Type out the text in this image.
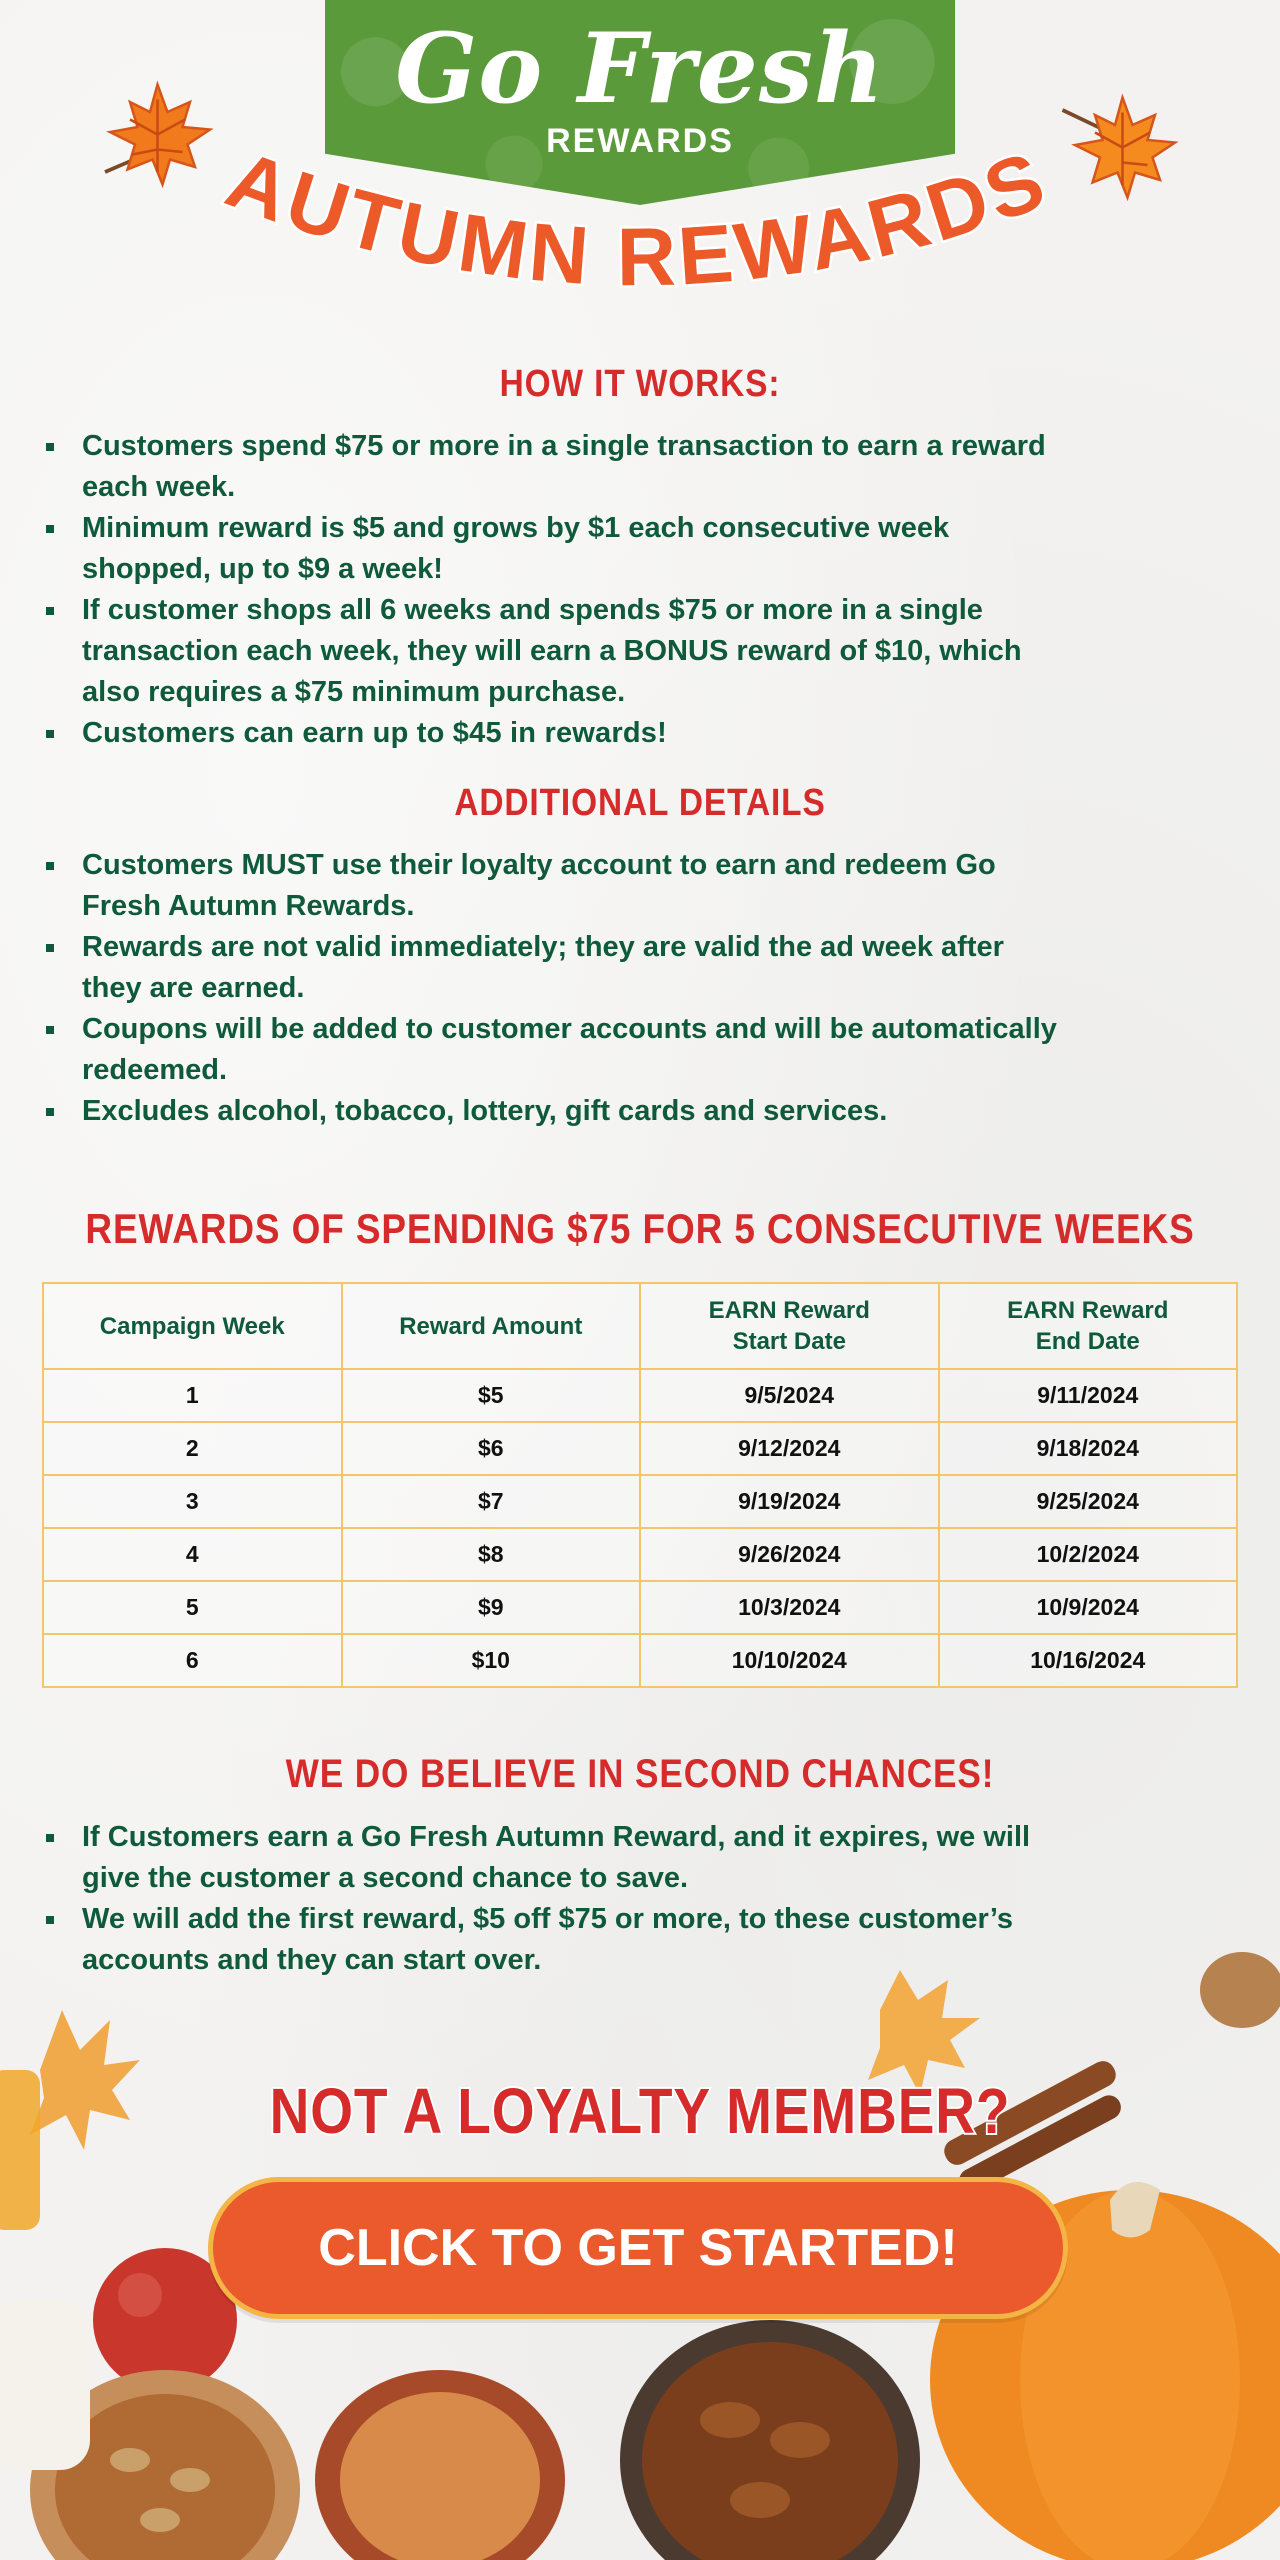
Go Fresh
REWARDS
AUTUMN REWARDS
HOW IT WORKS:
Customers spend $75 or more in a single transaction to earn a reward each week.
Minimum reward is $5 and grows by $1 each consecutive week shopped, up to $9 a week!
If customer shops all 6 weeks and spends $75 or more in a single transaction each week, they will earn a BONUS reward of $10, which also requires a $75 minimum purchase.
Customers can earn up to $45 in rewards!
ADDITIONAL DETAILS
Customers MUST use their loyalty account to earn and redeem Go Fresh Autumn Rewards.
Rewards are not valid immediately; they are valid the ad week after they are earned.
Coupons will be added to customer accounts and will be automatically redeemed.
Excludes alcohol, tobacco, lottery, gift cards and services.
REWARDS OF SPENDING $75 FOR 5 CONSECUTIVE WEEKS
Campaign Week	Reward Amount	EARN Reward Start Date	EARN Reward End Date
1	$5	9/5/2024	9/11/2024
2	$6	9/12/2024	9/18/2024
3	$7	9/19/2024	9/25/2024
4	$8	9/26/2024	10/2/2024
5	$9	10/3/2024	10/9/2024
6	$10	10/10/2024	10/16/2024
WE DO BELIEVE IN SECOND CHANCES!
If Customers earn a Go Fresh Autumn Reward, and it expires, we will give the customer a second chance to save.
We will add the first reward, $5 off $75 or more, to these customer’s accounts and they can start over.
NOT A LOYALTY MEMBER?
CLICK TO GET STARTED!
